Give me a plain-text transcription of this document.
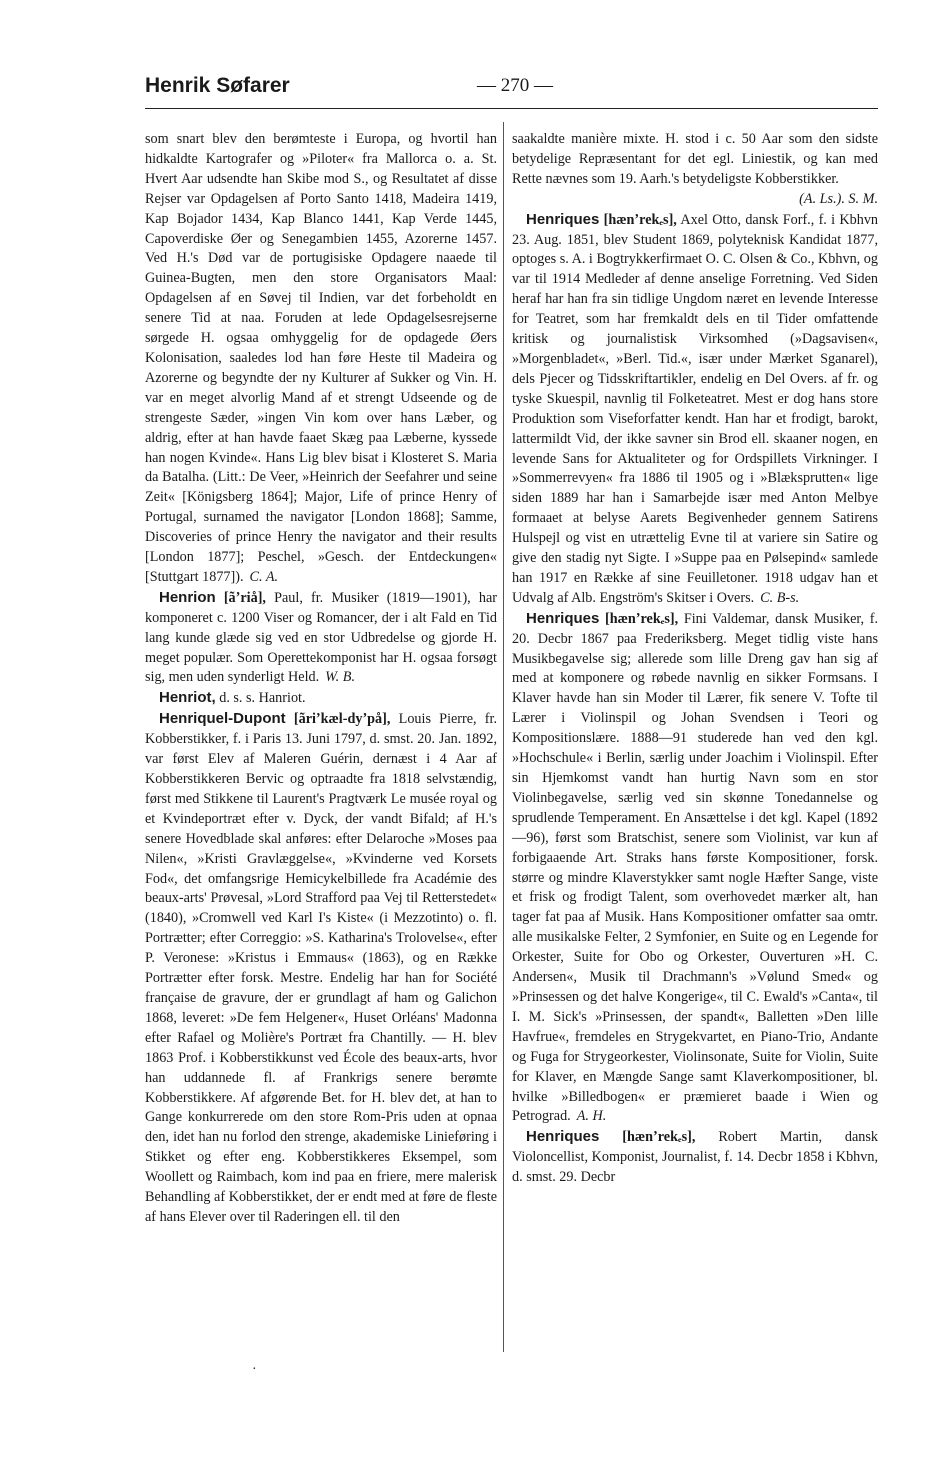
Henrik Søfarer	— 270 —

som snart blev den berømteste i Europa, og hvortil han hidkaldte Kartografer og »Piloter« fra Mallorca o. a. St. Hvert Aar udsendte han Skibe mod S., og Resultatet af disse Rejser var Opdagelsen af Porto Santo 1418, Madeira 1419, Kap Bojador 1434, Kap Blanco 1441, Kap Verde 1445, Capoverdiske Øer og Senegambien 1455, Azorerne 1457. Ved H.'s Død var de portugisiske Opdagere naaede til Guinea-Bugten, men den store Organisators Maal: Opdagelsen af en Søvej til Indien, var det forbeholdt en senere Tid at naa. Foruden at lede Opdagelsesrejserne sørgede H. ogsaa omhyggelig for de opdagede Øers Kolonisation, saaledes lod han føre Heste til Madeira og Azorerne og begyndte der ny Kulturer af Sukker og Vin. H. var en meget alvorlig Mand af et strengt Udseende og de strengeste Sæder, »ingen Vin kom over hans Læber, og aldrig, efter at han havde faaet Skæg paa Læberne, kyssede han nogen Kvinde«. Hans Lig blev bisat i Klosteret S. Maria da Batalha. (Litt.: De Veer, »Heinrich der Seefahrer und seine Zeit« [Königsberg 1864]; Major, Life of prince Henry of Portugal, surnamed the navigator [London 1868]; Samme, Discoveries of prince Henry the navigator and their results [London 1877]; Peschel, »Gesch. der Entdeckungen« [Stuttgart 1877]). C. A.

Henrion [ãʼriå], Paul, fr. Musiker (1819—1901), har komponeret c. 1200 Viser og Romancer, der i alt Fald en Tid lang kunde glæde sig ved en stor Udbredelse og gjorde H. meget populær. Som Operettekomponist har H. ogsaa forsøgt sig, men uden synderligt Held. W. B.

Henriot, d. s. s. Hanriot.

Henriquel-Dupont [ãriʼkæl-dyʼpå], Louis Pierre, fr. Kobberstikker, f. i Paris 13. Juni 1797, d. smst. 20. Jan. 1892, var først Elev af Maleren Guérin, dernæst i 4 Aar af Kobberstikkeren Bervic og optraadte fra 1818 selvstændig, først med Stikkene til Laurent's Pragtværk Le musée royal og et Kvindeportræt efter v. Dyck, der vandt Bifald; af H.'s senere Hovedblade skal anføres: efter Delaroche »Moses paa Nilen«, »Kristi Gravlæggelse«, »Kvinderne ved Korsets Fod«, det omfangsrige Hemicykelbillede fra Académie des beaux-arts' Prøvesal, »Lord Strafford paa Vej til Retterstedet« (1840), »Cromwell ved Karl I's Kiste« (i Mezzotinto) o. fl. Portrætter; efter Correggio: »S. Katharina's Trolovelse«, efter P. Veronese: »Kristus i Emmaus« (1863), og en Række Portrætter efter forsk. Mestre. Endelig har han for Société française de gravure, der er grundlagt af ham og Galichon 1868, leveret: »De fem Helgener«, Huset Orléans' Madonna efter Rafael og Molière's Portræt fra Chantilly. — H. blev 1863 Prof. i Kobberstikkunst ved École des beaux-arts, hvor han uddannede fl. af Frankrigs senere berømte Kobberstikkere. Af afgørende Bet. for H. blev det, at han to Gange konkurrerede om den store Rom-Pris uden at opnaa den, idet han nu forlod den strenge, akademiske Linieføring i Stikket og efter eng. Kobberstikkeres Eksempel, som Woollett og Raimbach, kom ind paa en friere, mere malerisk Behandling af Kobberstikket, der er endt med at føre de fleste af hans Elever over til Raderingen ell. til den

saakaldte manière mixte. H. stod i c. 50 Aar som den sidste betydelige Repræsentant for det egl. Liniestik, og kan med Rette nævnes som 19. Aarh.'s betydeligste Kobberstikker.

(A. Ls.). S. M.

Henriques [hænʼrekₑs], Axel Otto, dansk Forf., f. i Kbhvn 23. Aug. 1851, blev Student 1869, polyteknisk Kandidat 1877, optoges s. A. i Bogtrykkerfirmaet O. C. Olsen & Co., Kbhvn, og var til 1914 Medleder af denne anselige Forretning. Ved Siden heraf har han fra sin tidlige Ungdom næret en levende Interesse for Teatret, som har fremkaldt dels en til Tider omfattende kritisk og journalistisk Virksomhed (»Dagsavisen«, »Morgenbladet«, »Berl. Tid.«, især under Mærket Sganarel), dels Pjecer og Tidsskriftartikler, endelig en Del Overs. af fr. og tyske Skuespil, navnlig til Folketeatret. Mest er dog hans store Produktion som Viseforfatter kendt. Han har et frodigt, barokt, lattermildt Vid, der ikke savner sin Brod ell. skaaner nogen, en levende Sans for Aktualiteter og for Ordspillets Virkninger. I »Sommerrevyen« fra 1886 til 1905 og i »Blæksprutten« lige siden 1889 har han i Samarbejde især med Anton Melbye formaaet at belyse Aarets Begivenheder gennem Satirens Hulspejl og vist en utrættelig Evne til at variere sin Satire og give den stadig nyt Sigte. I »Suppe paa en Pølsepind« samlede han 1917 en Række af sine Feuilletoner. 1918 udgav han et Udvalg af Alb. Engström's Skitser i Overs. C. B-s.

Henriques [hænʼrekₑs], Fini Valdemar, dansk Musiker, f. 20. Decbr 1867 paa Frederiksberg. Meget tidlig viste hans Musikbegavelse sig; allerede som lille Dreng gav han sig af med at komponere og røbede navnlig en sikker Formsans. I Klaver havde han sin Moder til Lærer, fik senere V. Tofte til Lærer i Violinspil og Johan Svendsen i Teori og Kompositionslære. 1888—91 studerede han ved den kgl. »Hochschule« i Berlin, særlig under Joachim i Violinspil. Efter sin Hjemkomst vandt han hurtig Navn som en stor Violinbegavelse, særlig ved sin skønne Tonedannelse og sprudlende Temperament. En Ansættelse i det kgl. Kapel (1892—96), først som Bratschist, senere som Violinist, var kun af forbigaaende Art. Straks hans første Kompositioner, forsk. større og mindre Klaverstykker samt nogle Hæfter Sange, viste et frisk og frodigt Talent, som overhovedet mærker alt, han tager fat paa af Musik. Hans Kompositioner omfatter saa omtr. alle musikalske Felter, 2 Symfonier, en Suite og en Legende for Orkester, Suite for Obo og Orkester, Ouverturen »H. C. Andersen«, Musik til Drachmann's »Vølund Smed« og »Prinsessen og det halve Kongerige«, til C. Ewald's »Canta«, til I. M. Sick's »Prinsessen, der spandt«, Balletten »Den lille Havfrue«, fremdeles en Strygekvartet, en Piano-Trio, Andante og Fuga for Strygeorkester, Violinsonate, Suite for Violin, Suite for Klaver, en Mængde Sange samt Klaverkompositioner, bl. hvilke »Billedbogen« er præmieret baade i Wien og Petrograd. A. H.

Henriques [hænʼrekₑs], Robert Martin, dansk Violoncellist, Komponist, Journalist, f. 14. Decbr 1858 i Kbhvn, d. smst. 29. Decbr

·
